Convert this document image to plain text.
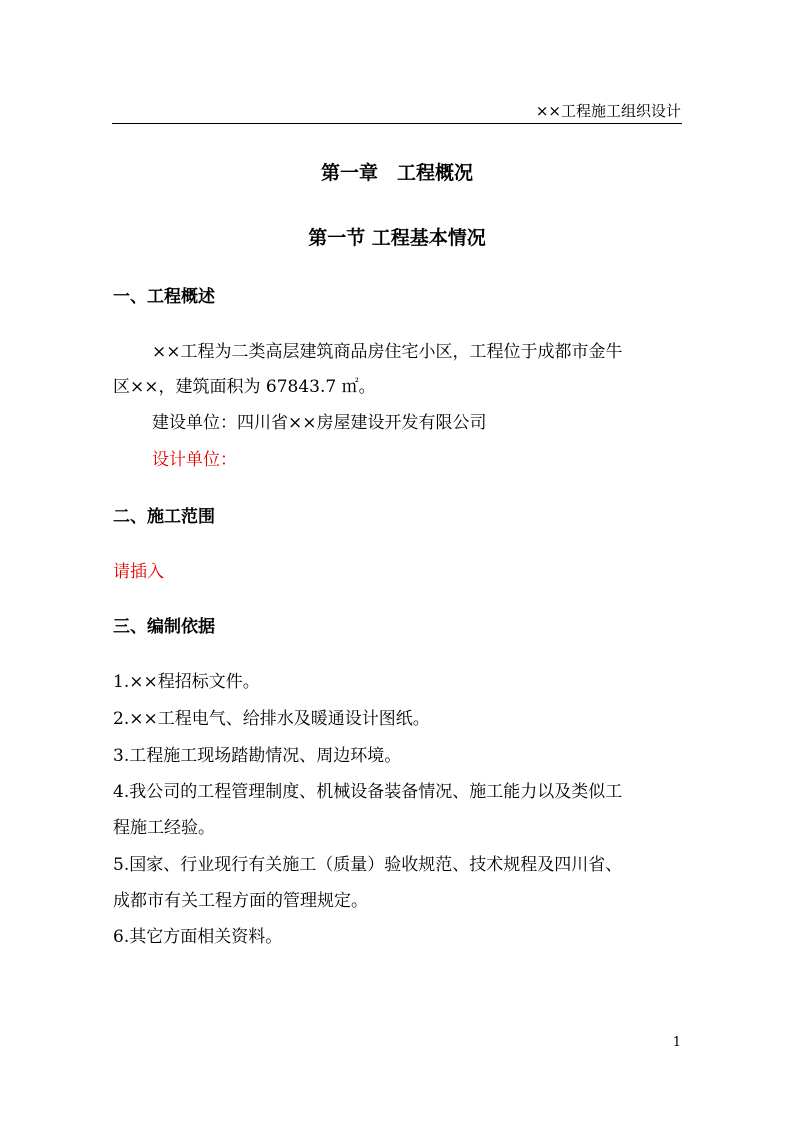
××工程施工组织设计
第一章　工程概况
第一节 工程基本情况
一、工程概述
××工程为二类高层建筑商品房住宅小区，工程位于成都市金牛
区××，建筑面积为 67843.7 ㎡。
建设单位：四川省××房屋建设开发有限公司
设计单位：
二、施工范围
请插入
三、编制依据
1.××程招标文件。
2.××工程电气、给排水及暖通设计图纸。
3.工程施工现场踏勘情况、周边环境。
4.我公司的工程管理制度、机械设备装备情况、施工能力以及类似工
程施工经验。
5.国家、行业现行有关施工（质量）验收规范、技术规程及四川省、
成都市有关工程方面的管理规定。
6.其它方面相关资料。
1
